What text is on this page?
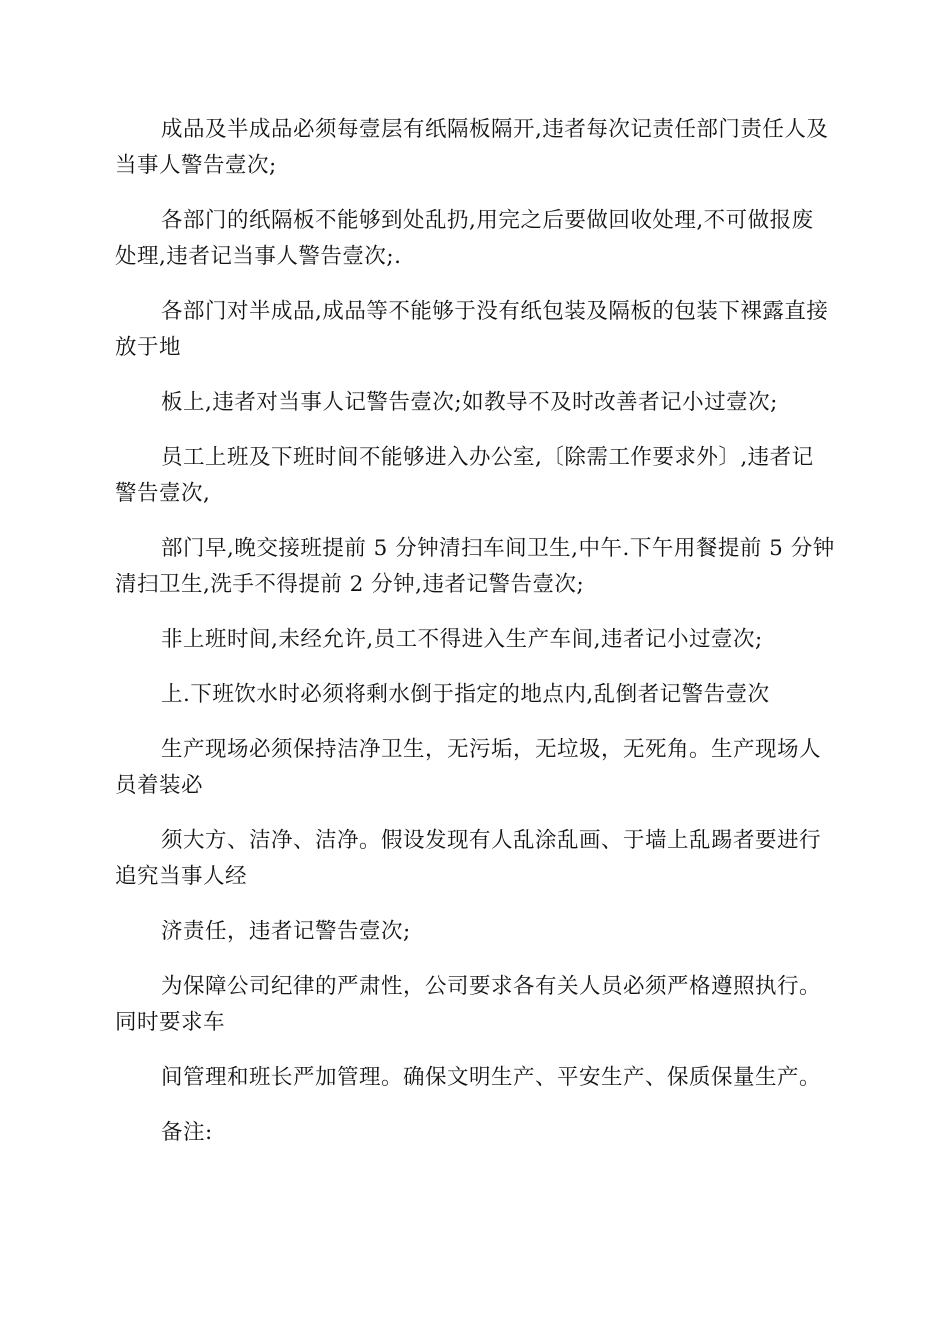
成品及半成品必须每壹层有纸隔板隔开,违者每次记责任部门责任人及当事人警告壹次;

各部门的纸隔板不能够到处乱扔,用完之后要做回收处理,不可做报废处理,违者记当事人警告壹次;.

各部门对半成品,成品等不能够于没有纸包装及隔板的包装下裸露直接放于地

板上,违者对当事人记警告壹次;如教导不及时改善者记小过壹次;

员工上班及下班时间不能够进入办公室,〔除需工作要求外〕,违者记警告壹次,

部门早,晚交接班提前 5 分钟清扫车间卫生,中午.下午用餐提前 5 分钟清扫卫生,洗手不得提前 2 分钟,违者记警告壹次;

非上班时间,未经允许,员工不得进入生产车间,违者记小过壹次;

上.下班饮水时必须将剩水倒于指定的地点内,乱倒者记警告壹次

生产现场必须保持洁净卫生，无污垢，无垃圾，无死角。生产现场人员着装必

须大方、洁净、洁净。假设发现有人乱涂乱画、于墙上乱踢者要进行追究当事人经

济责任，违者记警告壹次;

为保障公司纪律的严肃性，公司要求各有关人员必须严格遵照执行。同时要求车

间管理和班长严加管理。确保文明生产、平安生产、保质保量生产。

备注:
